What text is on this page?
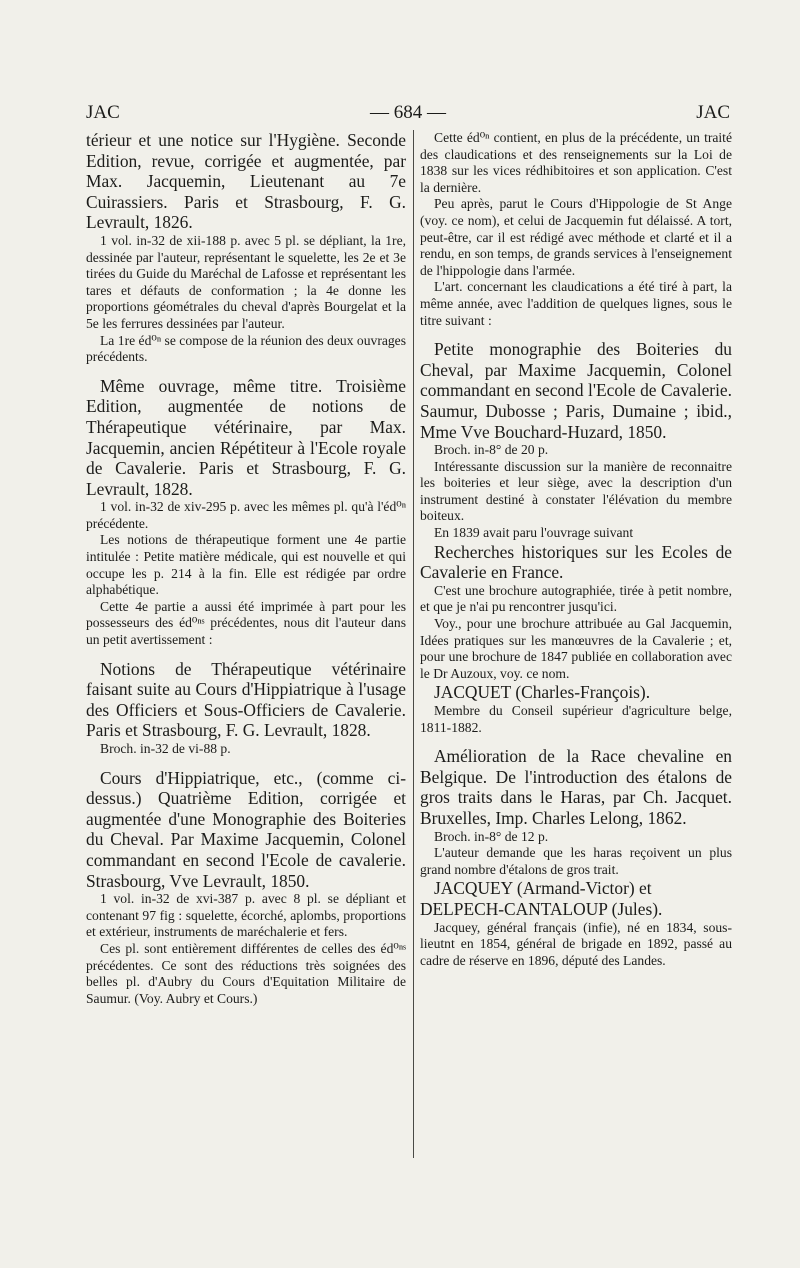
JAC	— 684 —	JAC

térieur et une notice sur l'Hygiène. Seconde Edition, revue, corrigée et augmentée, par Max. Jacquemin, Lieutenant au 7e Cuirassiers. Paris et Strasbourg, F. G. Levrault, 1826.

1 vol. in-32 de xii-188 p. avec 5 pl. se dépliant, la 1re, dessinée par l'auteur, représentant le squelette, les 2e et 3e tirées du Guide du Maréchal de Lafosse et représentant les tares et défauts de conformation ; la 4e donne les proportions géométrales du cheval d'après Bourgelat et la 5e les ferrures dessinées par l'auteur.

La 1re éd⁰ⁿ se compose de la réunion des deux ouvrages précédents.

Même ouvrage, même titre. Troisième Edition, augmentée de notions de Thérapeutique vétérinaire, par Max. Jacquemin, ancien Répétiteur à l'Ecole royale de Cavalerie. Paris et Strasbourg, F. G. Levrault, 1828.

1 vol. in-32 de xiv-295 p. avec les mêmes pl. qu'à l'éd⁰ⁿ précédente.

Les notions de thérapeutique forment une 4e partie intitulée : Petite matière médicale, qui est nouvelle et qui occupe les p. 214 à la fin. Elle est rédigée par ordre alphabétique.

Cette 4e partie a aussi été imprimée à part pour les possesseurs des éd⁰ⁿˢ précédentes, nous dit l'auteur dans un petit avertissement :

Notions de Thérapeutique vétérinaire faisant suite au Cours d'Hippiatrique à l'usage des Officiers et Sous-Officiers de Cavalerie. Paris et Strasbourg, F. G. Levrault, 1828.

Broch. in-32 de vi-88 p.

Cours d'Hippiatrique, etc., (comme ci-dessus.) Quatrième Edition, corrigée et augmentée d'une Monographie des Boiteries du Cheval. Par Maxime Jacquemin, Colonel commandant en second l'Ecole de cavalerie. Strasbourg, Vve Levrault, 1850.

1 vol. in-32 de xvi-387 p. avec 8 pl. se dépliant et contenant 97 fig : squelette, écorché, aplombs, proportions et extérieur, instruments de maréchalerie et fers.

Ces pl. sont entièrement différentes de celles des éd⁰ⁿˢ précédentes. Ce sont des réductions très soignées des belles pl. d'Aubry du Cours d'Equitation Militaire de Saumur. (Voy. Aubry et Cours.)

Cette éd⁰ⁿ contient, en plus de la précédente, un traité des claudications et des renseignements sur la Loi de 1838 sur les vices rédhibitoires et son application. C'est la dernière.

Peu après, parut le Cours d'Hippologie de St Ange (voy. ce nom), et celui de Jacquemin fut délaissé. A tort, peut-être, car il est rédigé avec méthode et clarté et il a rendu, en son temps, de grands services à l'enseignement de l'hippologie dans l'armée.

L'art. concernant les claudications a été tiré à part, la même année, avec l'addition de quelques lignes, sous le titre suivant :

Petite monographie des Boiteries du Cheval, par Maxime Jacquemin, Colonel commandant en second l'Ecole de Cavalerie. Saumur, Dubosse ; Paris, Dumaine ; ibid., Mme Vve Bouchard-Huzard, 1850.

Broch. in-8° de 20 p.

Intéressante discussion sur la manière de reconnaitre les boiteries et leur siège, avec la description d'un instrument destiné à constater l'élévation du membre boiteux.

En 1839 avait paru l'ouvrage suivant

Recherches historiques sur les Ecoles de Cavalerie en France.

C'est une brochure autographiée, tirée à petit nombre, et que je n'ai pu rencontrer jusqu'ici.

Voy., pour une brochure attribuée au Gal Jacquemin, Idées pratiques sur les manœuvres de la Cavalerie ; et, pour une brochure de 1847 publiée en collaboration avec le Dr Auzoux, voy. ce nom.

JACQUET (Charles-François).

Membre du Conseil supérieur d'agriculture belge, 1811-1882.

Amélioration de la Race chevaline en Belgique. De l'introduction des étalons de gros traits dans le Haras, par Ch. Jacquet. Bruxelles, Imp. Charles Lelong, 1862.

Broch. in-8° de 12 p.

L'auteur demande que les haras reçoivent un plus grand nombre d'étalons de gros trait.

JACQUEY (Armand-Victor) et DELPECH-CANTALOUP (Jules).

Jacquey, général français (infie), né en 1834, sous-lieutnt en 1854, général de brigade en 1892, passé au cadre de réserve en 1896, député des Landes.
